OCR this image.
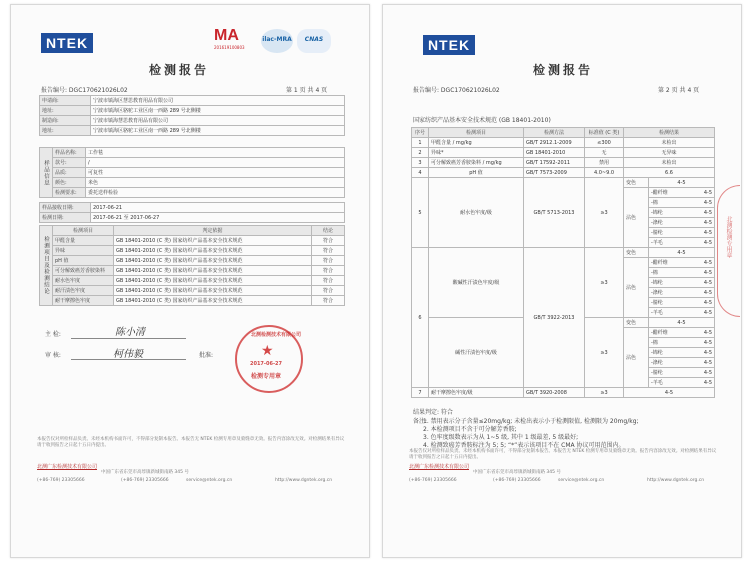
NTEK	MA
201619100803
ilac-MRA	CNAS
检测报告
报告编号: DGC170621026L02	第 1 页 共 4 页
申请商:	宁波市镇海区慧思教育用品有限公司
地址:	宁波市镇海区骆驼工业区南一西路 289 号北侧楼
制造商:	宁波市镇海慧思教育用品有限公司
地址:	宁波市镇海区骆驼工业区南一西路 289 号北侧楼
样品信息	样品名称:	工作毯
	款号:	/
	品质:	可复性
	颜色:	米色
	检测要求:	委托送样检验
样品接收日期:	2017-06-21
检测日期:	2017-06-21 至 2017-06-27
检测项目及检测结论	检测项目	判定依据	结论
	甲醛含量	GB 18401-2010 (C 类) 国家纺织产品基本安全技术规范	符合
	异味	GB 18401-2010 (C 类) 国家纺织产品基本安全技术规范	符合
	pH 值	GB 18401-2010 (C 类) 国家纺织产品基本安全技术规范	符合
	可分解致癌芳香胺染料	GB 18401-2010 (C 类) 国家纺织产品基本安全技术规范	符合
	耐水色牢度	GB 18401-2010 (C 类) 国家纺织产品基本安全技术规范	符合
	耐汗渍色牢度	GB 18401-2010 (C 类) 国家纺织产品基本安全技术规范	符合
	耐干摩擦色牢度	GB 18401-2010 (C 类) 国家纺织产品基本安全技术规范	符合
主 检:	陈小清
审 核:	柯伟毅	批准:
北测检测技术有限公司
★
2017-06-27
检测专用章
本报告仅对所检样品负责。未经本机构书面许可，不得部分复制本报告。本报告无 NTEK 检测专用章及骑缝章无效。报告内容涂改无效。对检测结果有异议请于收到报告之日起十五日内提出。
北测广东检测技术有限公司
中国广东省东莞市高埗镇新城街南路 345 号
(+86-769) 23305666	(+86-769) 23305666	service@ntek.org.cn	http://www.dgntek.org.cn
NTEK
检测报告
报告编号: DGC170621026L02	第 2 页 共 4 页
国家纺织产品基本安全技术规范 (GB 18401-2010)
序号	检测项目	检测方法	标准值 (C 类)	检测结果	
1	甲醛含量 / mg/kg	GB/T 2912.1-2009	≤300	未检出	
2	异味*	GB 18401-2010	无	无异味	
3	可分解致癌芳香胺染料 / mg/kg	GB/T 17592-2011	禁用	未检出	
4	pH 值	GB/T 7573-2009	4.0~9.0	6.6	
5	耐水色牢度/级	GB/T 5713-2013	≥3	变色	4-5
				沾色	-醋纤维 4-5

					-棉 4-5

					-锦纶 4-5

					-涤纶 4-5

					-腈纶 4-5

					-羊毛 4-5

6	酸碱性汗渍色牢度/级	GB/T 3922-2013	≥3	变色	4-5
				沾色	-醋纤维 4-5

					-棉 4-5

					-锦纶 4-5

					-涤纶 4-5

					-腈纶 4-5

					-羊毛 4-5

	碱性汗渍色牢度/级		≥3	变色	4-5
				沾色	-醋纤维 4-5

					-棉 4-5

					-锦纶 4-5

					-涤纶 4-5

					-腈纶 4-5

					-羊毛 4-5

7	耐干摩擦色牢度/级	GB/T 3920-2008	≥3	4-5	
结果判定: 符合
备注:
1. 禁用表示分子含量≤20mg/kg; 未检出表示小于检测限值, 检测限为 20mg/kg;
2. 本检测项目不含于可分解芳香胺;
3. 色牢度级数表示为从 1~5 级, 其中 1 级最差, 5 级最好;
4. 检测致癌芳香胺标注为 5; 5; “*”表示该项目不在 CMA 协议可用范围内。
北测检测专用章
本报告仅对所检样品负责。未经本机构书面许可，不得部分复制本报告。本报告无 NTEK 检测专用章及骑缝章无效。报告内容涂改无效。对检测结果有异议请于收到报告之日起十五日内提出。
北测广东检测技术有限公司
中国广东省东莞市高埗镇新城街南路 345 号
(+86-769) 23305666	(+86-769) 23305666	service@ntek.org.cn	http://www.dgntek.org.cn
